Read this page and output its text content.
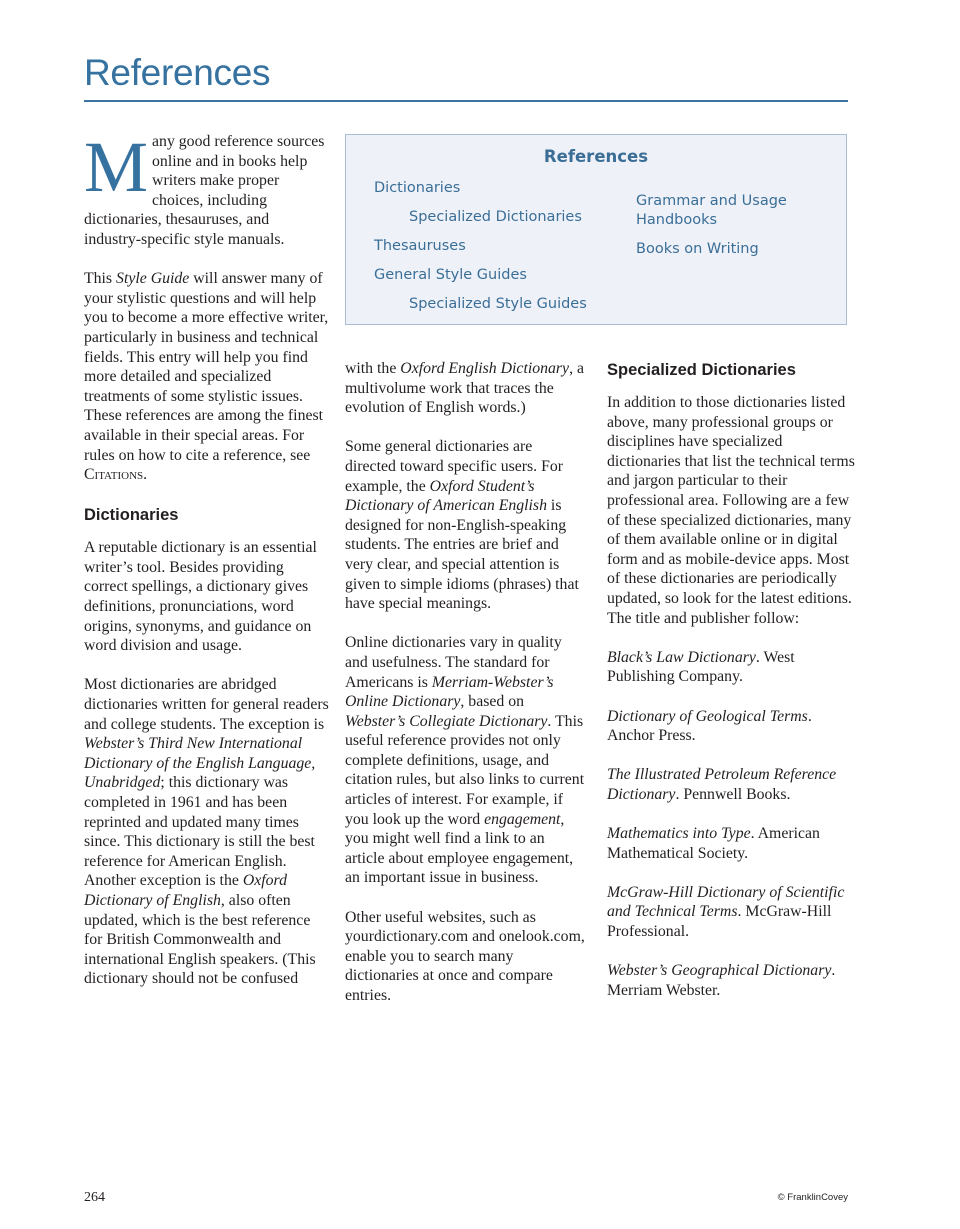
References
References
Dictionaries
Specialized Dictionaries
Thesauruses
General Style Guides
Specialized Style Guides
Grammar and Usage
Handbooks
Books on Writing

Many good reference sources online and in books help writers make proper choices, including dictionaries, thesauruses, and industry-specific style manuals.

This Style Guide will answer many of your stylistic questions and will help you to become a more effective writer, particularly in business and technical fields. This entry will help you find more detailed and specialized treatments of some stylistic issues. These references are among the finest available in their special areas. For rules on how to cite a reference, see Citations.

Dictionaries

A reputable dictionary is an essential writer’s tool. Besides providing correct spellings, a dictionary gives definitions, pronunciations, word origins, synonyms, and guidance on word division and usage.

Most dictionaries are abridged dictionaries written for general readers and college students. The exception is Webster’s Third New International Dictionary of the English Language, Unabridged; this dictionary was completed in 1961 and has been reprinted and updated many times since. This dictionary is still the best reference for American English. Another exception is the Oxford Dictionary of English, also often updated, which is the best reference for British Commonwealth and international English speakers. (This dictionary should not be confused

with the Oxford English Dictionary, a multivolume work that traces the evolution of English words.)

Some general dictionaries are directed toward specific users. For example, the Oxford Student’s Dictionary of American English is designed for non-English-speaking students. The entries are brief and very clear, and special attention is given to simple idioms (phrases) that have special meanings.

Online dictionaries vary in quality and usefulness. The standard for Americans is Merriam-Webster’s Online Dictionary, based on Webster’s Collegiate Dictionary. This useful reference provides not only complete definitions, usage, and citation rules, but also links to current articles of interest. For example, if you look up the word engagement, you might well find a link to an article about employee engagement, an important issue in business.

Other useful websites, such as yourdictionary.com and onelook.com, enable you to search many dictionaries at once and compare entries.

Specialized Dictionaries

In addition to those dictionaries listed above, many professional groups or disciplines have specialized dictionaries that list the technical terms and jargon particular to their professional area. Following are a few of these specialized dictionaries, many of them available online or in digital form and as mobile-device apps. Most of these dictionaries are periodically updated, so look for the latest editions. The title and publisher follow:

Black’s Law Dictionary. West Publishing Company.

Dictionary of Geological Terms. Anchor Press.

The Illustrated Petroleum Reference Dictionary. Pennwell Books.

Mathematics into Type. American Mathematical Society.

McGraw-Hill Dictionary of Scientific and Technical Terms. McGraw-Hill Professional.

Webster’s Geographical Dictionary. Merriam Webster.

264	© FranklinCovey
